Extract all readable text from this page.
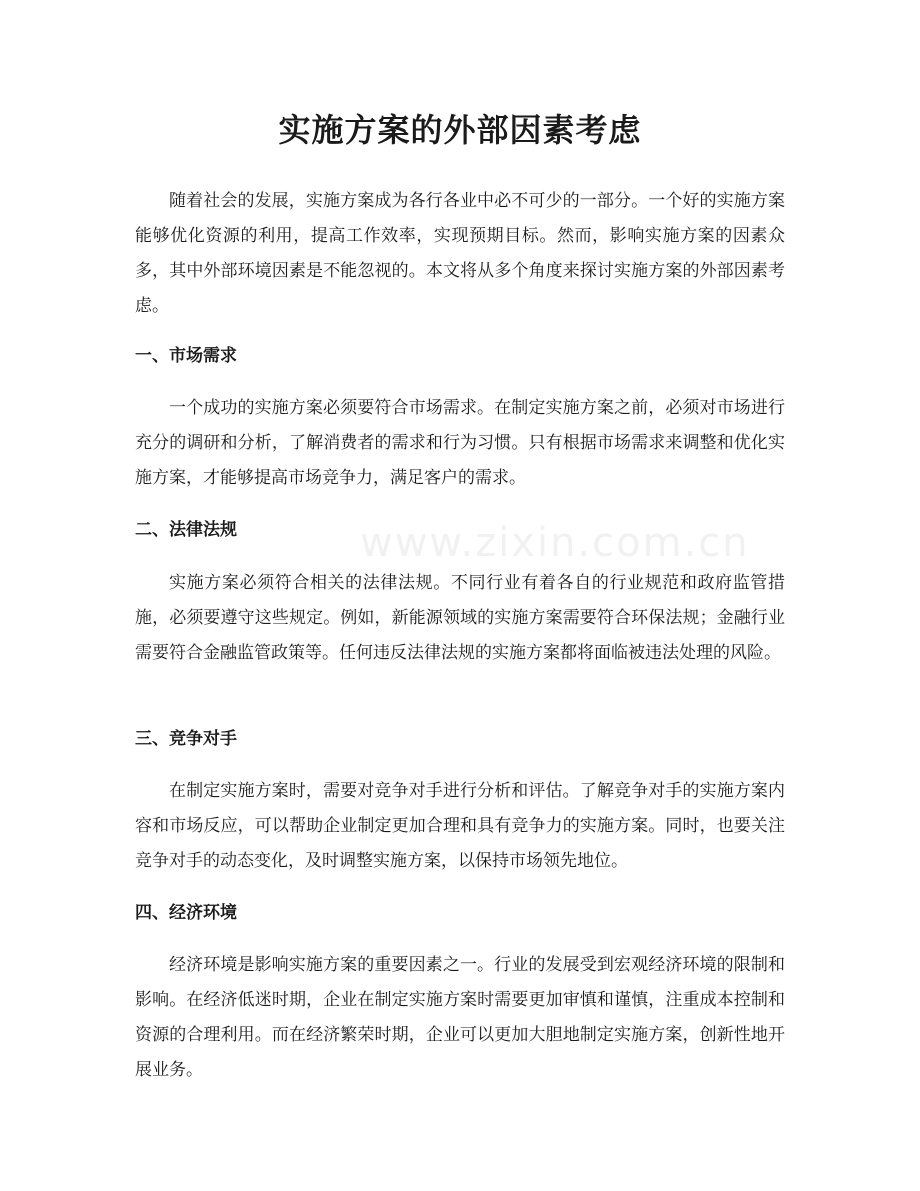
实施方案的外部因素考虑

随着社会的发展，实施方案成为各行各业中必不可少的一部分。一个好的实施方案能够优化资源的利用，提高工作效率，实现预期目标。然而，影响实施方案的因素众多，其中外部环境因素是不能忽视的。本文将从多个角度来探讨实施方案的外部因素考虑。

一、市场需求

一个成功的实施方案必须要符合市场需求。在制定实施方案之前，必须对市场进行充分的调研和分析，了解消费者的需求和行为习惯。只有根据市场需求来调整和优化实施方案，才能够提高市场竞争力，满足客户的需求。

二、法律法规

实施方案必须符合相关的法律法规。不同行业有着各自的行业规范和政府监管措施，必须要遵守这些规定。例如，新能源领域的实施方案需要符合环保法规；金融行业需要符合金融监管政策等。任何违反法律法规的实施方案都将面临被违法处理的风险。

三、竞争对手

在制定实施方案时，需要对竞争对手进行分析和评估。了解竞争对手的实施方案内容和市场反应，可以帮助企业制定更加合理和具有竞争力的实施方案。同时，也要关注竞争对手的动态变化，及时调整实施方案，以保持市场领先地位。

四、经济环境

经济环境是影响实施方案的重要因素之一。行业的发展受到宏观经济环境的限制和影响。在经济低迷时期，企业在制定实施方案时需要更加审慎和谨慎，注重成本控制和资源的合理利用。而在经济繁荣时期，企业可以更加大胆地制定实施方案，创新性地开展业务。

www.zixin.com.cn
